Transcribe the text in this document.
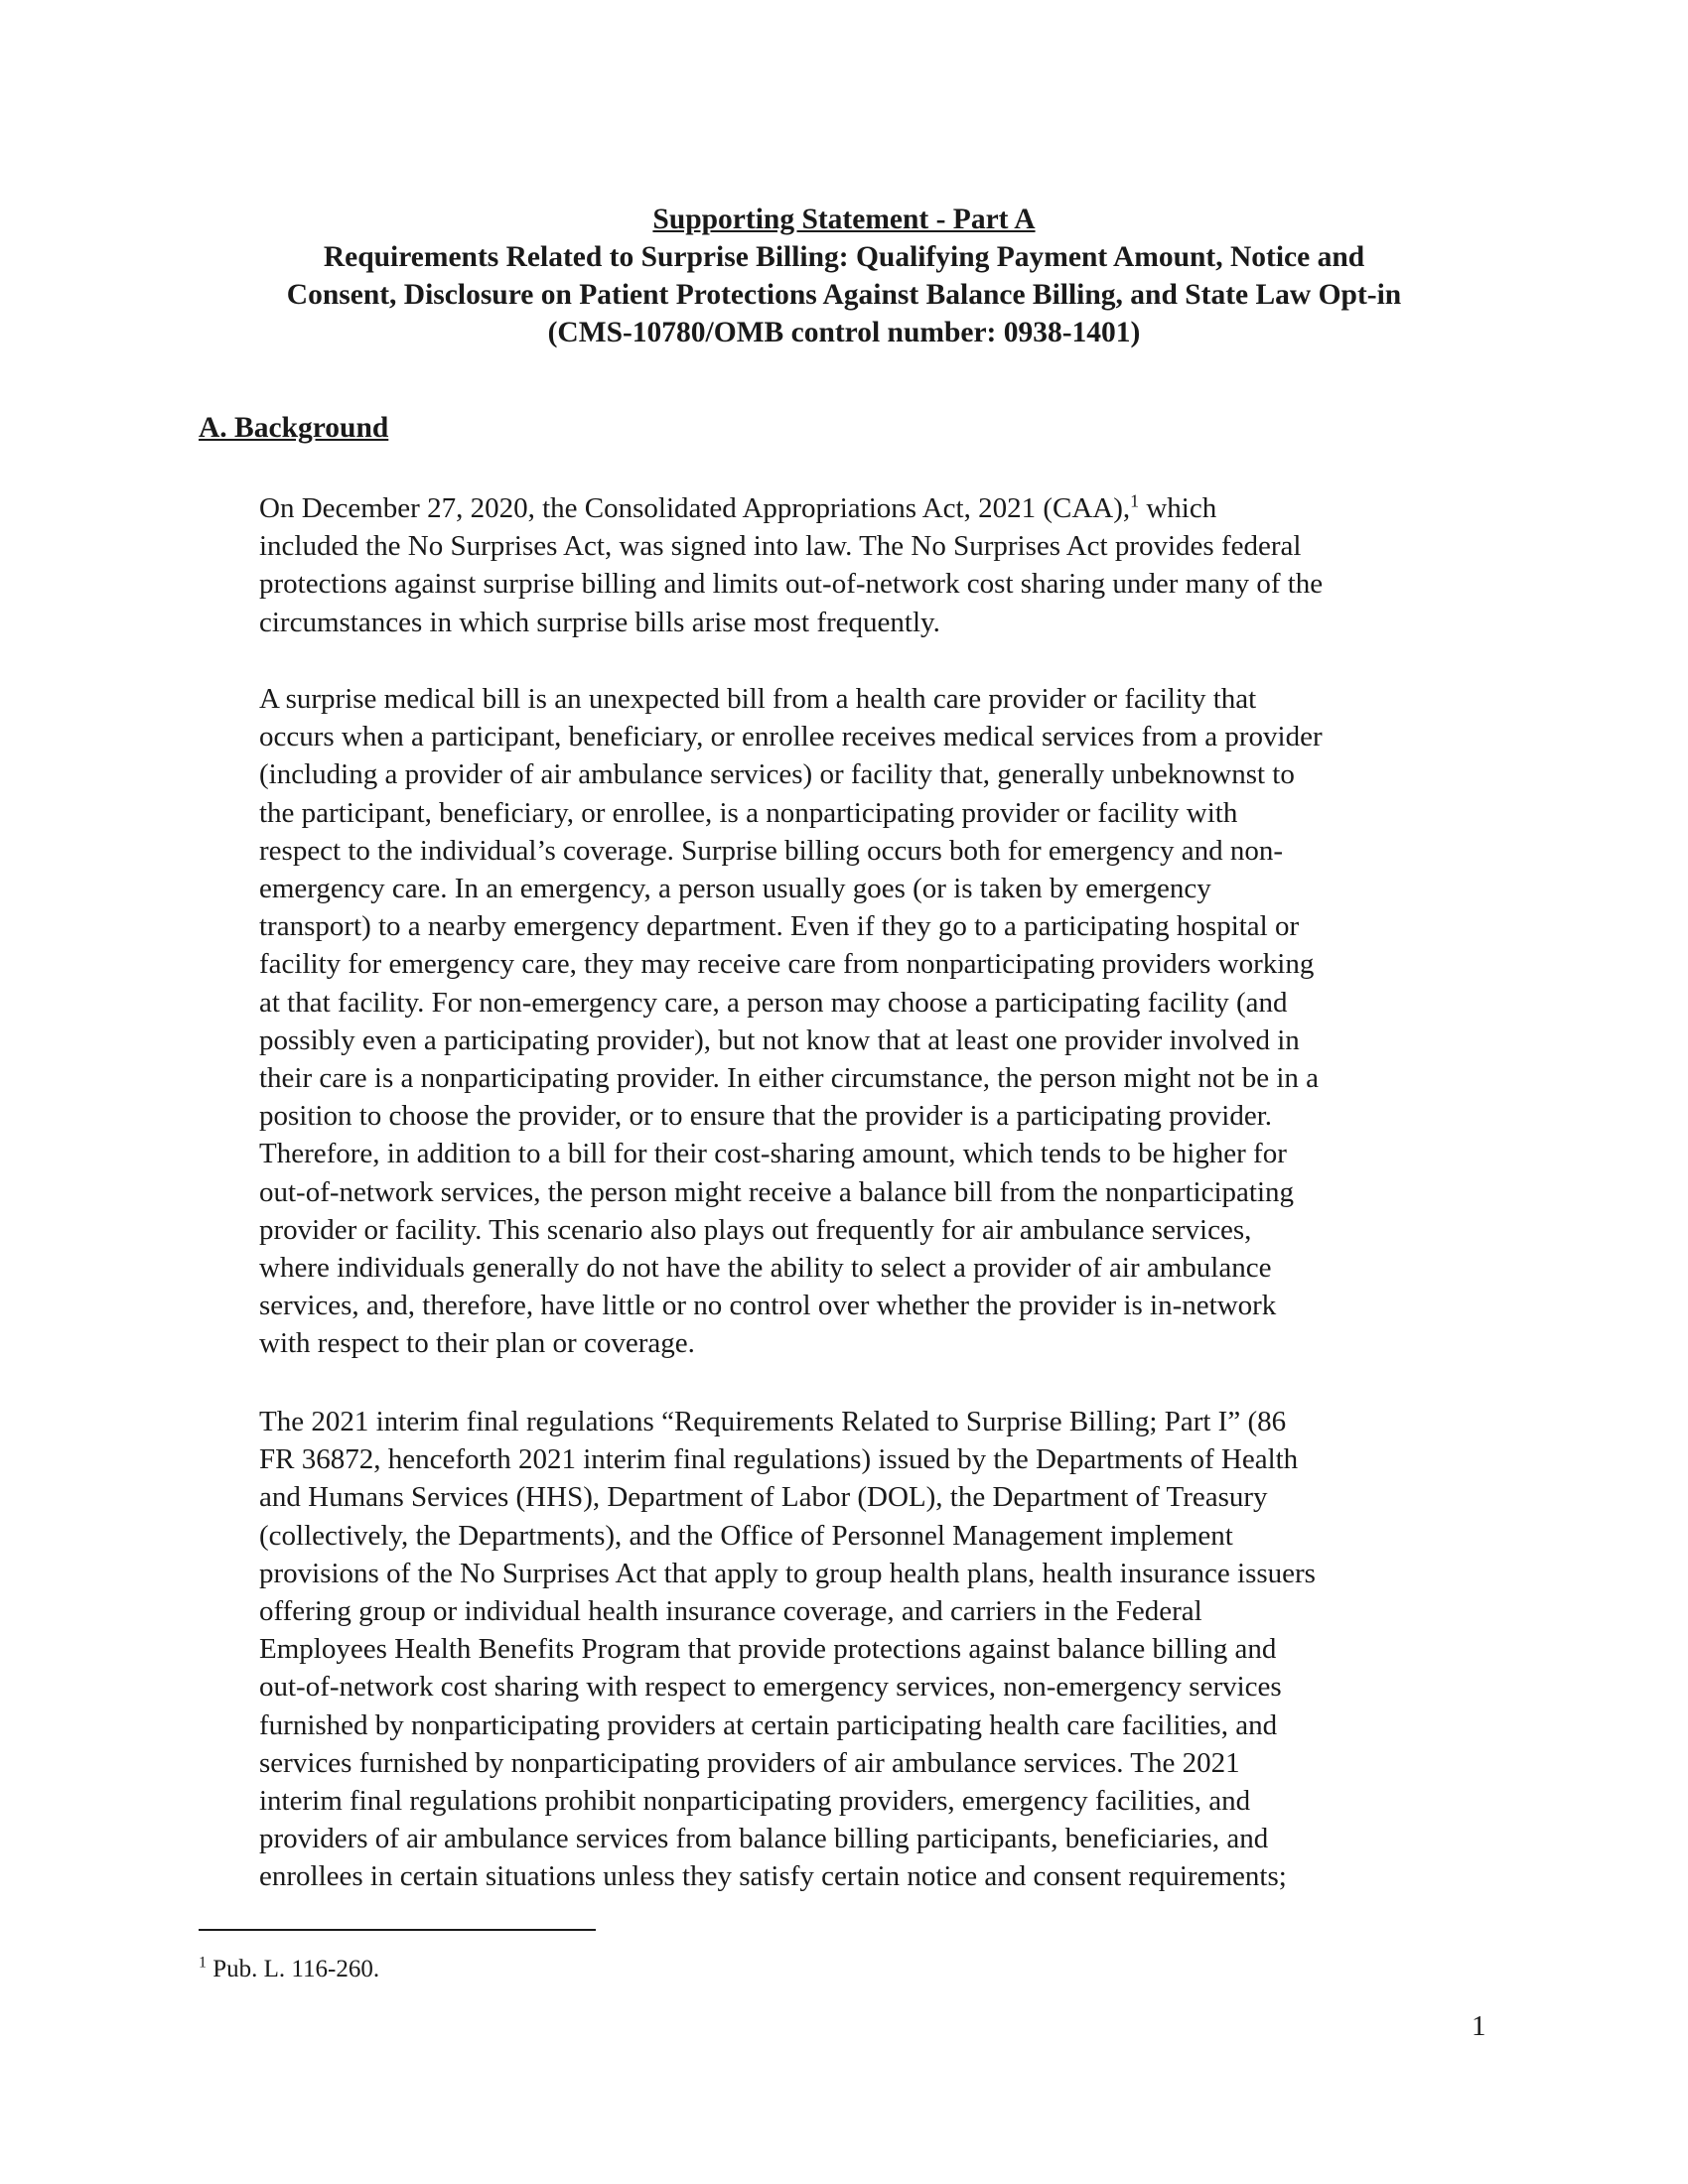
Supporting Statement - Part A
Requirements Related to Surprise Billing: Qualifying Payment Amount, Notice and
Consent, Disclosure on Patient Protections Against Balance Billing, and State Law Opt-in
(CMS-10780/OMB control number: 0938-1401)
A. Background
On December 27, 2020, the Consolidated Appropriations Act, 2021 (CAA),$^1$ which
included the No Surprises Act, was signed into law. The No Surprises Act provides federal
protections against surprise billing and limits out-of-network cost sharing under many of the
circumstances in which surprise bills arise most frequently.
A surprise medical bill is an unexpected bill from a health care provider or facility that
occurs when a participant, beneficiary, or enrollee receives medical services from a provider
(including a provider of air ambulance services) or facility that, generally unbeknownst to
the participant, beneficiary, or enrollee, is a nonparticipating provider or facility with
respect to the individual’s coverage. Surprise billing occurs both for emergency and non-
emergency care. In an emergency, a person usually goes (or is taken by emergency
transport) to a nearby emergency department. Even if they go to a participating hospital or
facility for emergency care, they may receive care from nonparticipating providers working
at that facility. For non-emergency care, a person may choose a participating facility (and
possibly even a participating provider), but not know that at least one provider involved in
their care is a nonparticipating provider. In either circumstance, the person might not be in a
position to choose the provider, or to ensure that the provider is a participating provider.
Therefore, in addition to a bill for their cost-sharing amount, which tends to be higher for
out-of-network services, the person might receive a balance bill from the nonparticipating
provider or facility. This scenario also plays out frequently for air ambulance services,
where individuals generally do not have the ability to select a provider of air ambulance
services, and, therefore, have little or no control over whether the provider is in-network
with respect to their plan or coverage.
The 2021 interim final regulations “Requirements Related to Surprise Billing; Part I” (86
FR 36872, henceforth 2021 interim final regulations) issued by the Departments of Health
and Humans Services (HHS), Department of Labor (DOL), the Department of Treasury
(collectively, the Departments), and the Office of Personnel Management implement
provisions of the No Surprises Act that apply to group health plans, health insurance issuers
offering group or individual health insurance coverage, and carriers in the Federal
Employees Health Benefits Program that provide protections against balance billing and
out-of-network cost sharing with respect to emergency services, non-emergency services
furnished by nonparticipating providers at certain participating health care facilities, and
services furnished by nonparticipating providers of air ambulance services. The 2021
interim final regulations prohibit nonparticipating providers, emergency facilities, and
providers of air ambulance services from balance billing participants, beneficiaries, and
enrollees in certain situations unless they satisfy certain notice and consent requirements;
$^1$ Pub. L. 116-260.
1
